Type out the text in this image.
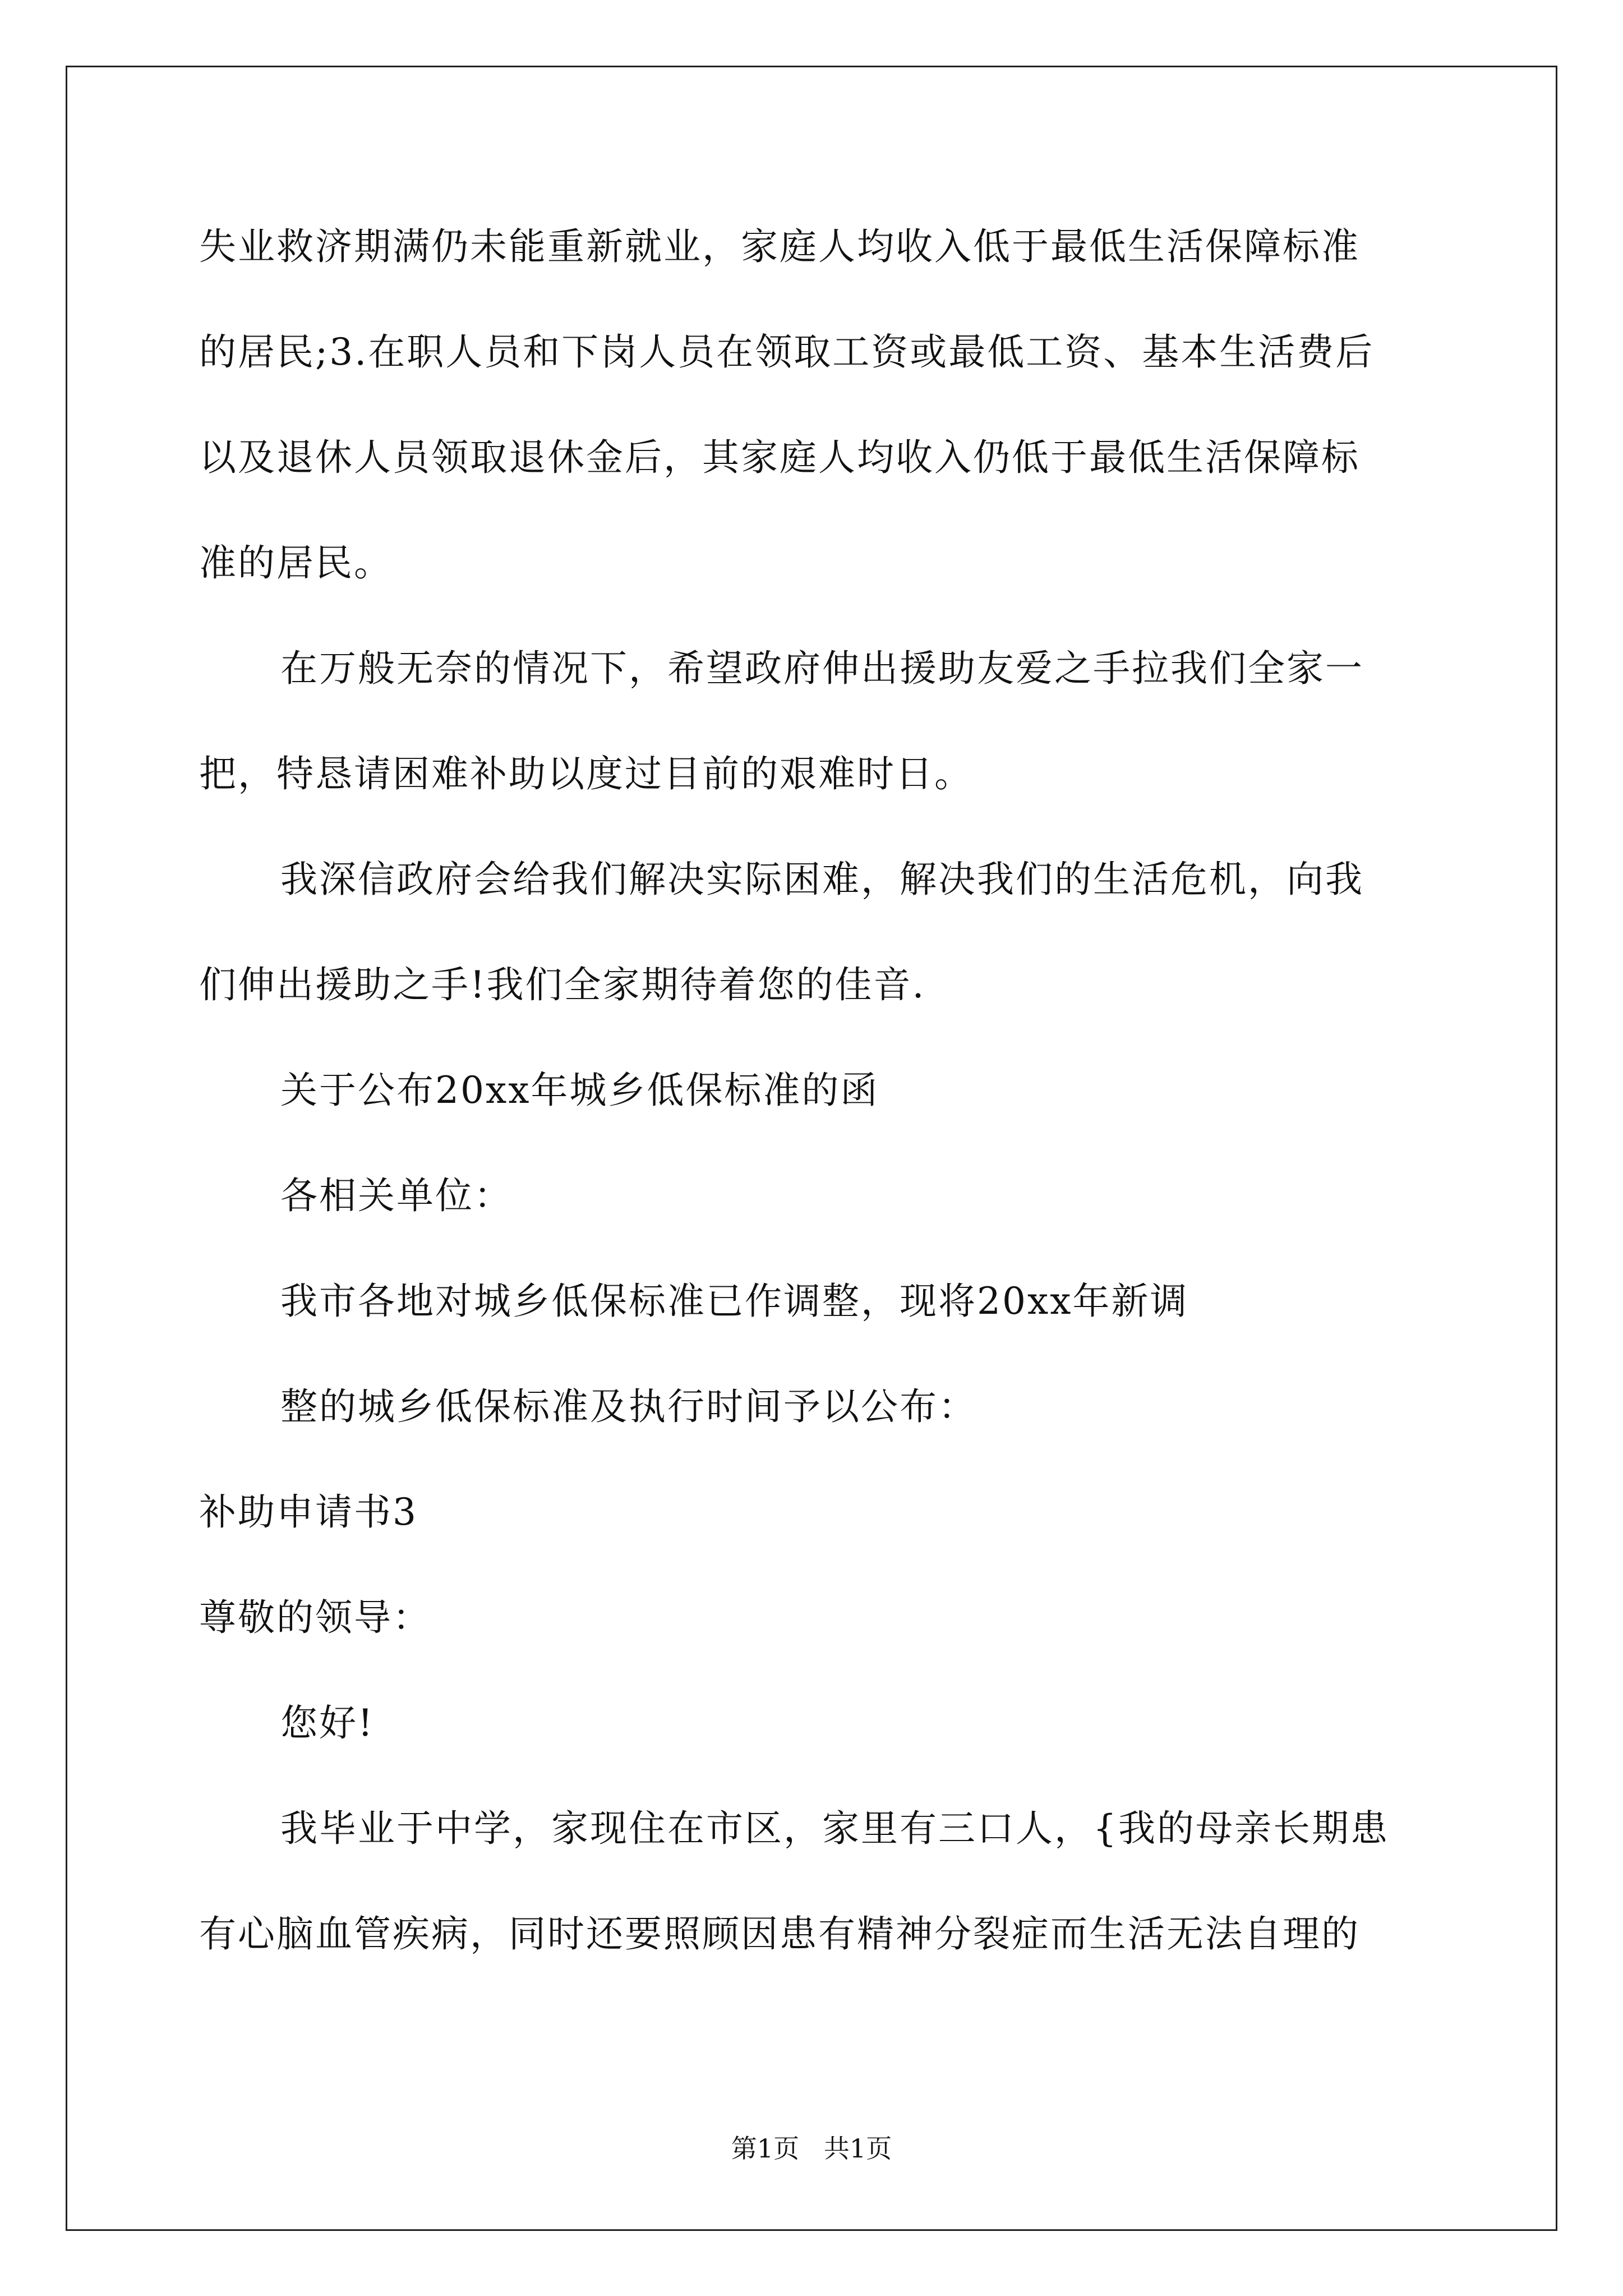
失业救济期满仍未能重新就业，家庭人均收入低于最低生活保障标准
的居民;3.在职人员和下岗人员在领取工资或最低工资、基本生活费后
以及退休人员领取退休金后，其家庭人均收入仍低于最低生活保障标
准的居民。
在万般无奈的情况下，希望政府伸出援助友爱之手拉我们全家一
把，特恳请困难补助以度过目前的艰难时日。
我深信政府会给我们解决实际困难，解决我们的生活危机，向我
们伸出援助之手!我们全家期待着您的佳音.
关于公布20xx年城乡低保标准的函
各相关单位：
我市各地对城乡低保标准已作调整，现将20xx年新调
整的城乡低保标准及执行时间予以公布：
补助申请书3
尊敬的领导：
您好!
我毕业于中学，家现住在市区，家里有三口人，{我的母亲长期患
有心脑血管疾病，同时还要照顾因患有精神分裂症而生活无法自理的
第1页   共1页
